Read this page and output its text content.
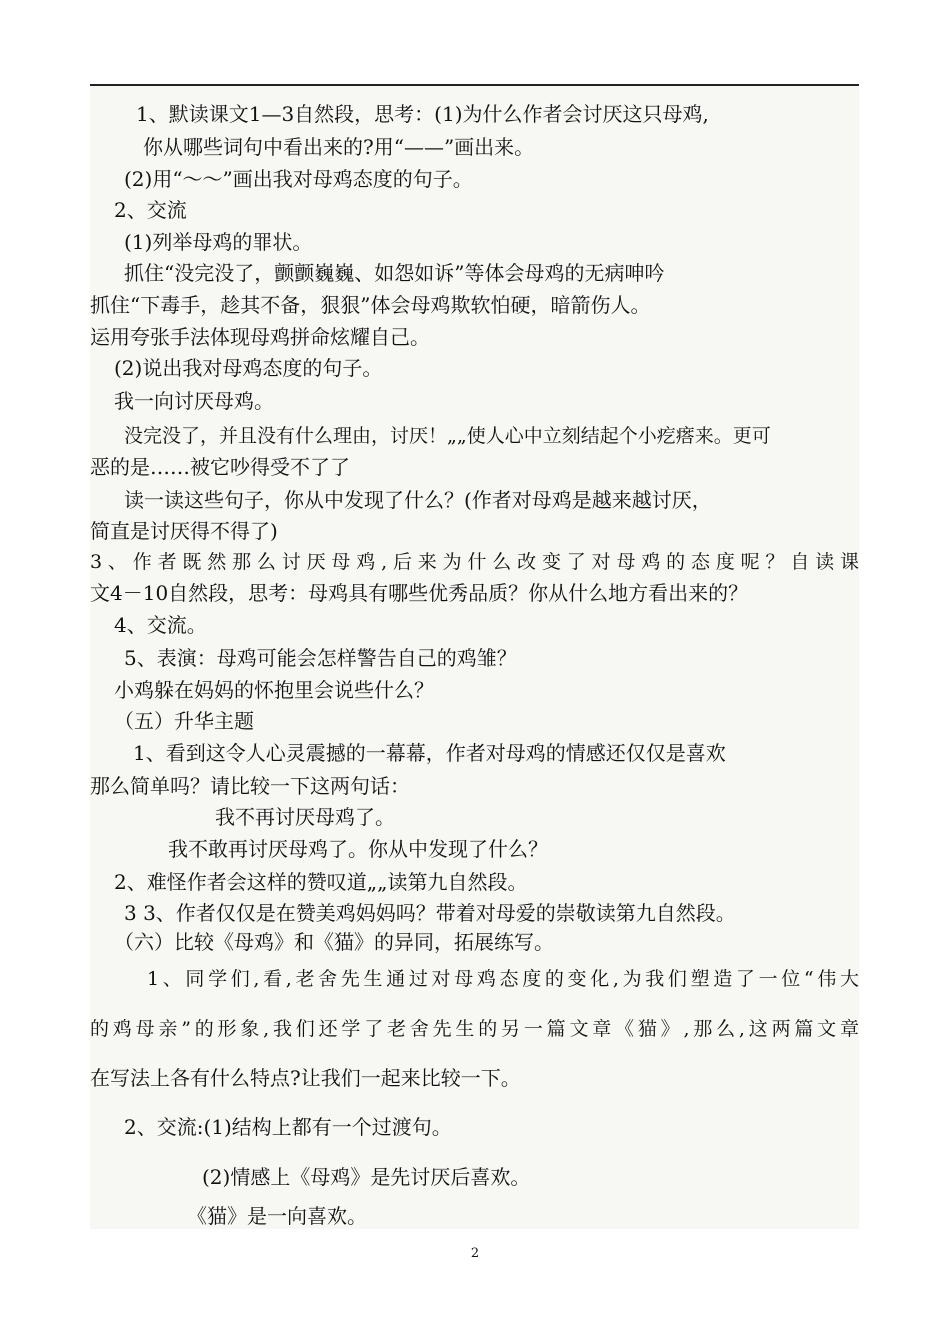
1、默读课文1—3自然段，思考：(1)为什么作者会讨厌这只母鸡,
你从哪些词句中看出来的?用“——”画出来。
(2)用“～～”画出我对母鸡态度的句子。
2、交流
(1)列举母鸡的罪状。
抓住“没完没了，颤颤巍巍、如怨如诉”等体会母鸡的无病呻吟
抓住“下毒手，趁其不备，狠狠”体会母鸡欺软怕硬，暗箭伤人。
运用夸张手法体现母鸡拼命炫耀自己。
(2)说出我对母鸡态度的句子。
我一向讨厌母鸡。
没完没了，并且没有什么理由，讨厌！„„使人心中立刻结起个小疙瘩来。更可
恶的是……被它吵得受不了了
读一读这些句子，你从中发现了什么？(作者对母鸡是越来越讨厌，
简直是讨厌得不得了)
3、作者既然那么讨厌母鸡,后来为什么改变了对母鸡的态度呢？自读课
文4－10自然段，思考：母鸡具有哪些优秀品质？你从什么地方看出来的？
4、交流。
5、表演：母鸡可能会怎样警告自己的鸡雏？
小鸡躲在妈妈的怀抱里会说些什么？
（五）升华主题
1、看到这令人心灵震撼的一幕幕，作者对母鸡的情感还仅仅是喜欢
那么简单吗？请比较一下这两句话：
我不再讨厌母鸡了。
我不敢再讨厌母鸡了。你从中发现了什么？
2、难怪作者会这样的赞叹道„„读第九自然段。
3 3、作者仅仅是在赞美鸡妈妈吗？带着对母爱的崇敬读第九自然段。
（六）比较《母鸡》和《猫》的异同，拓展练写。
1、同学们,看,老舍先生通过对母鸡态度的变化,为我们塑造了一位“伟大
的鸡母亲”的形象,我们还学了老舍先生的另一篇文章《猫》,那么,这两篇文章
在写法上各有什么特点?让我们一起来比较一下。
2、交流:(1)结构上都有一个过渡句。
(2)情感上《母鸡》是先讨厌后喜欢。
《猫》是一向喜欢。
2
